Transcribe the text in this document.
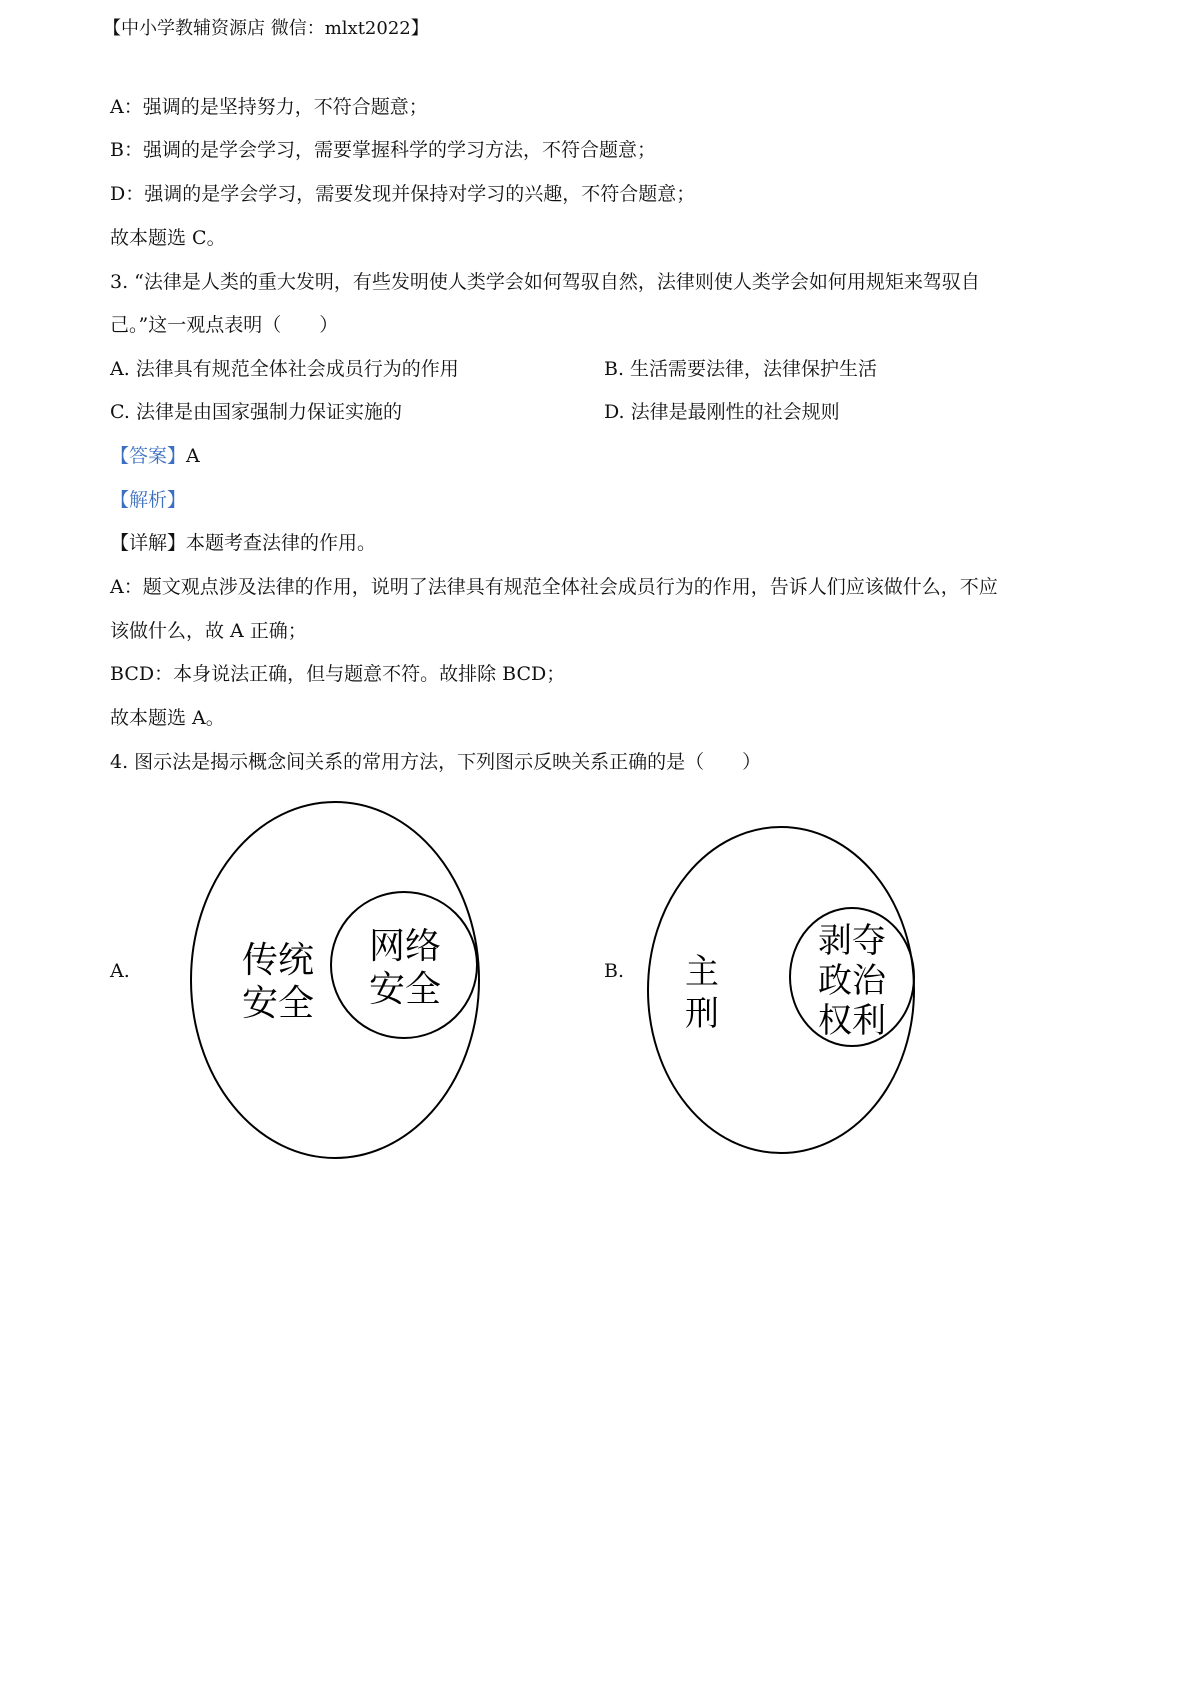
【中小学教辅资源店 微信：mlxt2022】
A：强调的是坚持努力，不符合题意；
B：强调的是学会学习，需要掌握科学的学习方法，不符合题意；
D：强调的是学会学习，需要发现并保持对学习的兴趣，不符合题意；
故本题选 C。
3. “法律是人类的重大发明，有些发明使人类学会如何驾驭自然，法律则使人类学会如何用规矩来驾驭自
己。”这一观点表明（　　）
A. 法律具有规范全体社会成员行为的作用	B. 生活需要法律，法律保护生活
C. 法律是由国家强制力保证实施的	D. 法律是最刚性的社会规则
【答案】A
【解析】
【详解】本题考查法律的作用。
A：题文观点涉及法律的作用，说明了法律具有规范全体社会成员行为的作用，告诉人们应该做什么，不应
该做什么，故 A 正确；
BCD：本身说法正确，但与题意不符。故排除 BCD；
故本题选 A。
4. 图示法是揭示概念间关系的常用方法，下列图示反映关系正确的是（　　）
A.	传统
安全
网络
安全	B. 主
刑
剥夺
政治
权利
